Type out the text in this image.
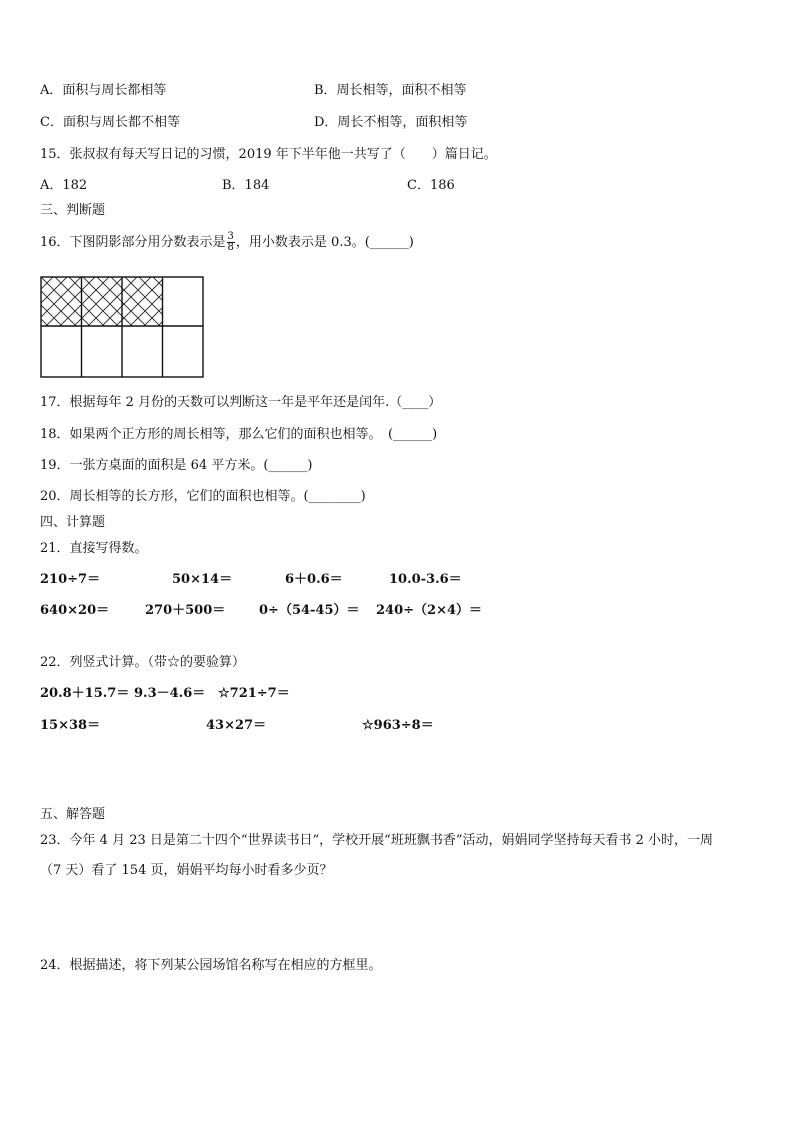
A．面积与周长都相等	B．周长相等，面积不相等
C．面积与周长都不相等	D．周长不相等，面积相等
15．张叔叔有每天写日记的习惯，2019 年下半年他一共写了（　　）篇日记。
A．182	B．184	C．186
三、判断题
16．下图阴影部分用分数表示是 $\frac{3}{8}$ ，用小数表示是 0.3。(______)
17．根据每年 2 月份的天数可以判断这一年是平年还是闰年.（____）
18．如果两个正方形的周长相等，那么它们的面积也相等。　(______)
19．一张方桌面的面积是 64 平方米。(______)
20．周长相等的长方形，它们的面积也相等。(________)
四、计算题
21．直接写得数。
210÷7＝	50×14＝	6＋0.6＝	10.0-3.6＝
640×20＝	270＋500＝	0÷（54-45）＝ 240÷（2×4）＝
22．列竖式计算。（带☆的要验算）
20.8＋15.7＝ 9.3－4.6＝ ☆721÷7＝
15×38＝	43×27＝	☆963÷8＝
五、解答题
23．今年 4 月 23 日是第二十四个“世界读书日”，学校开展“班班飘书香”活动，娟娟同学坚持每天看书 2 小时，一周
（7 天）看了 154 页，娟娟平均每小时看多少页？
24．根据描述，将下列某公园场馆名称写在相应的方框里。
